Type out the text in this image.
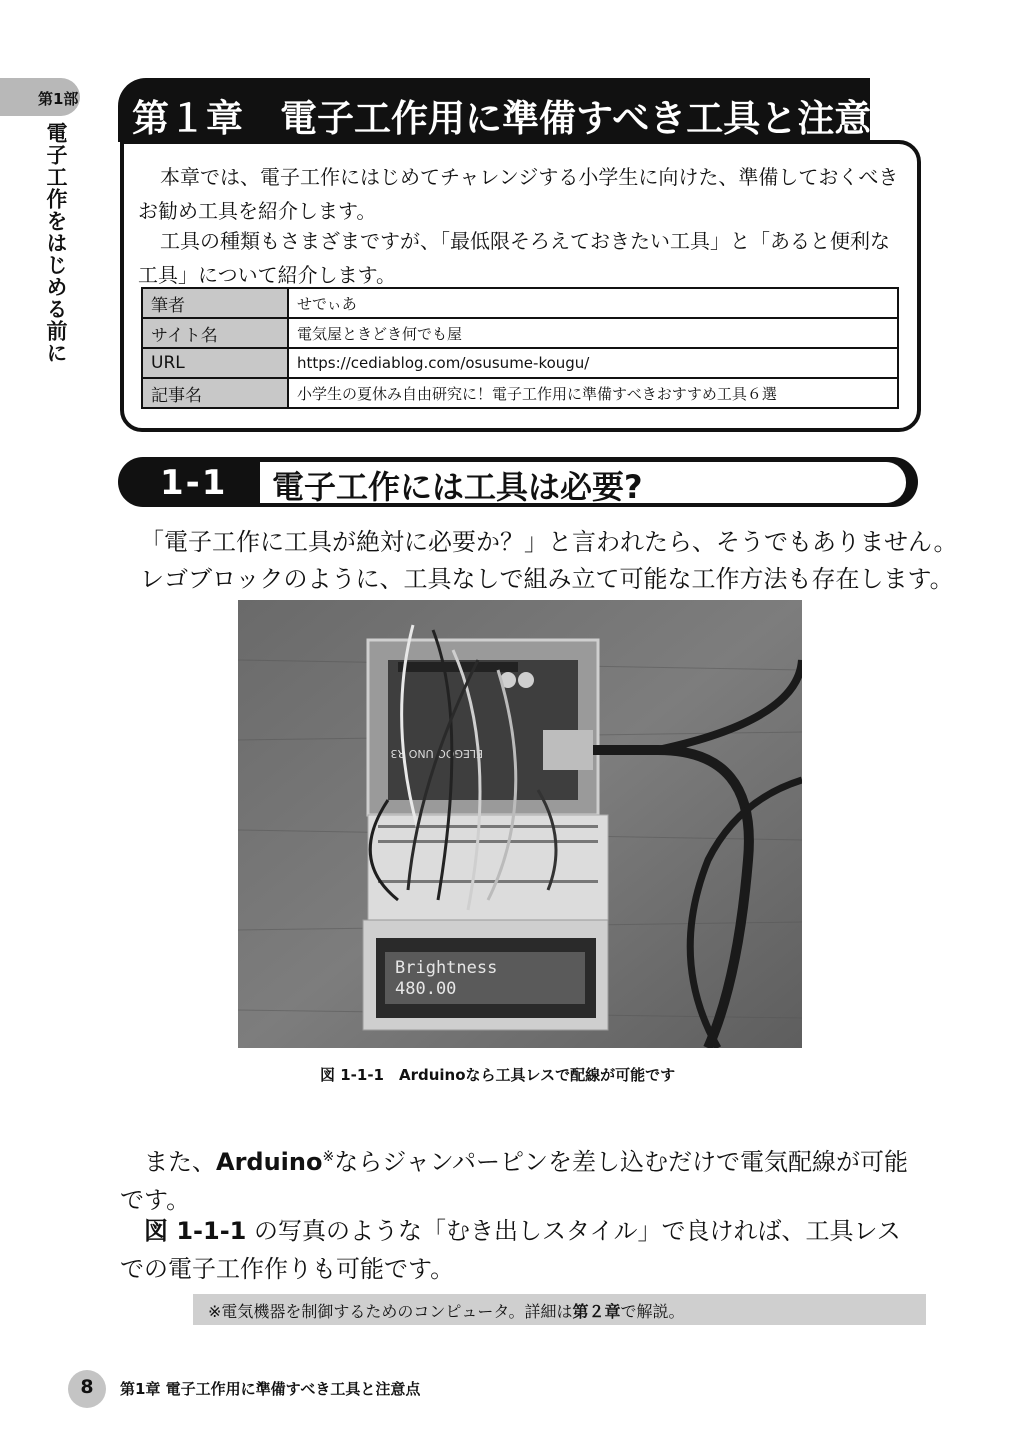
第1部
電子工作をはじめる前に
第１章　電子工作用に準備すべき工具と注意点

本章では、電子工作にはじめてチャレンジする小学生に向けた、準備しておくべきお勧め工具を紹介します。

工具の種類もさまざまですが、「最低限そろえておきたい工具」と「あると便利な工具」について紹介します。

筆者	せでぃあ
サイト名	電気屋ときどき何でも屋
URL	https://cediablog.com/osusume-kougu/
記事名	小学生の夏休み自由研究に！電子工作用に準備すべきおすすめ工具６選
1-1 電子工作には工具は必要?

「電子工作に工具が絶対に必要か？」と言われたら、そうでもありません。

レゴブロックのように、工具なしで組み立て可能な工作方法も存在します。

ELEGOO UNO R3
Brightness
480.00
図 1-1-1　Arduinoなら工具レスで配線が可能です

また、Arduino※ならジャンパーピンを差し込むだけで電気配線が可能です。

図 1-1-1 の写真のような「むき出しスタイル」で良ければ、工具レスでの電子工作作りも可能です。

※電気機器を制御するためのコンピュータ。詳細は第２章で解説。
8	第1章 電子工作用に準備すべき工具と注意点
